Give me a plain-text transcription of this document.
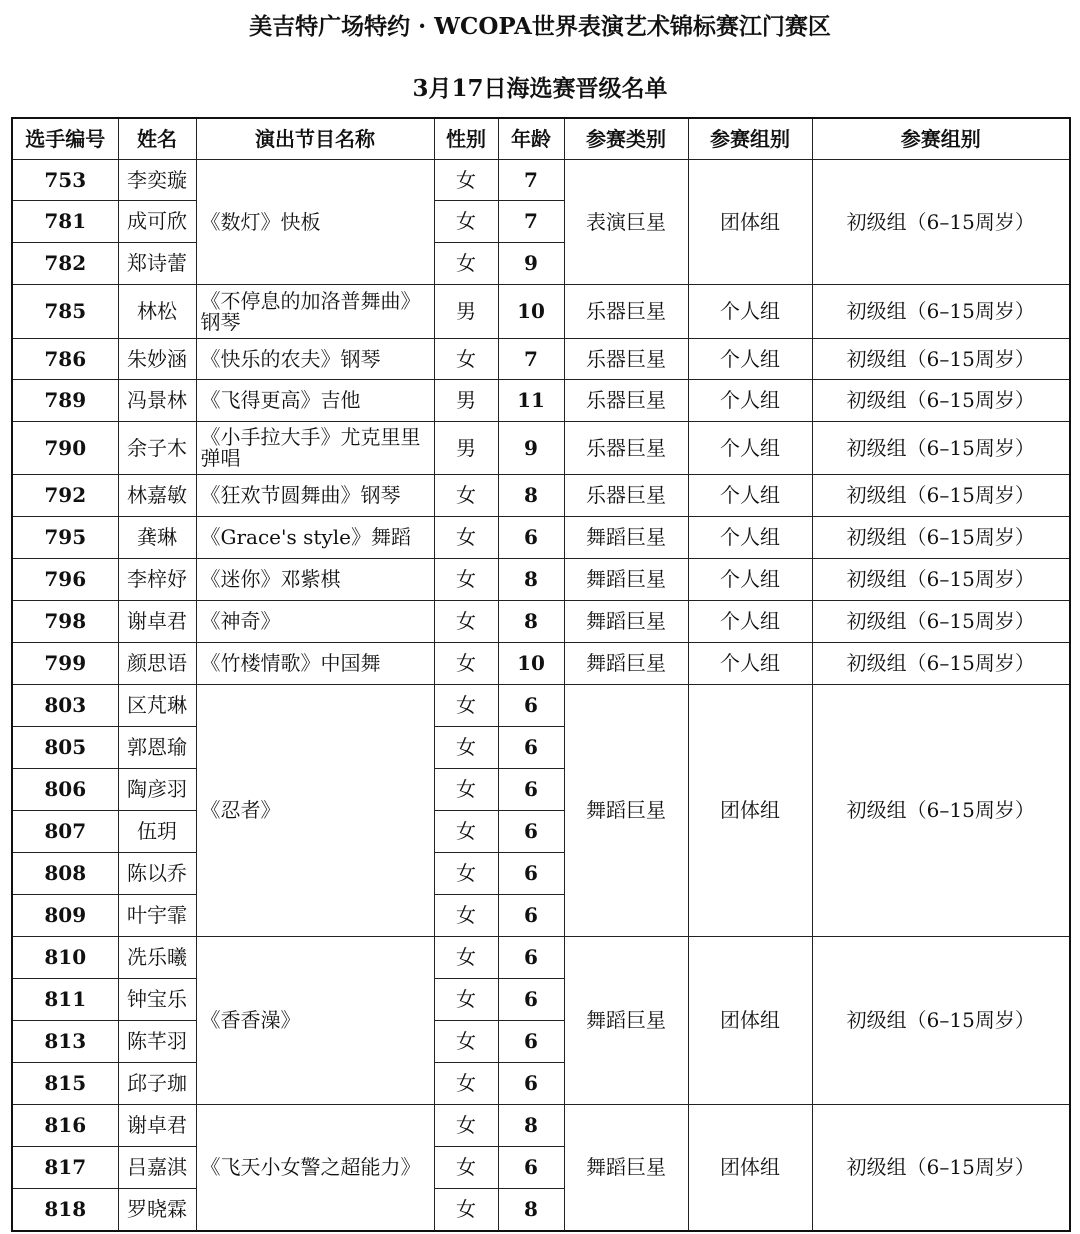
美吉特广场特约 · WCOPA世界表演艺术锦标赛江门赛区
3月17日海选赛晋级名单
选手编号	姓名	演出节目名称	性别	年龄	参赛类别	参赛组别	参赛组别
753	李奕璇	《数灯》快板	女	7	表演巨星	团体组	初级组（6–15周岁）
781	成可欣		女	7			
782	郑诗蕾		女	9			
785	林松	《不停息的加洛普舞曲》钢琴	男	10	乐器巨星	个人组	初级组（6–15周岁）
786	朱妙涵	《快乐的农夫》钢琴	女	7	乐器巨星	个人组	初级组（6–15周岁）
789	冯景林	《飞得更高》吉他	男	11	乐器巨星	个人组	初级组（6–15周岁）
790	余子木	《小手拉大手》尤克里里弹唱	男	9	乐器巨星	个人组	初级组（6–15周岁）
792	林嘉敏	《狂欢节圆舞曲》钢琴	女	8	乐器巨星	个人组	初级组（6–15周岁）
795	龚琳	《Grace's style》舞蹈	女	6	舞蹈巨星	个人组	初级组（6–15周岁）
796	李梓妤	《迷你》邓紫棋	女	8	舞蹈巨星	个人组	初级组（6–15周岁）
798	谢卓君	《神奇》	女	8	舞蹈巨星	个人组	初级组（6–15周岁）
799	颜思语	《竹楼情歌》中国舞	女	10	舞蹈巨星	个人组	初级组（6–15周岁）
803	区芃琳	《忍者》	女	6	舞蹈巨星	团体组	初级组（6–15周岁）
805	郭恩瑜		女	6			
806	陶彦羽		女	6			
807	伍玥		女	6			
808	陈以乔		女	6			
809	叶宇霏		女	6			
810	冼乐曦	《香香澡》	女	6	舞蹈巨星	团体组	初级组（6–15周岁）
811	钟宝乐		女	6			
813	陈芊羽		女	6			
815	邱子珈		女	6			
816	谢卓君	《飞天小女警之超能力》	女	8	舞蹈巨星	团体组	初级组（6–15周岁）
817	吕嘉淇		女	6			
818	罗晓霖		女	8			
